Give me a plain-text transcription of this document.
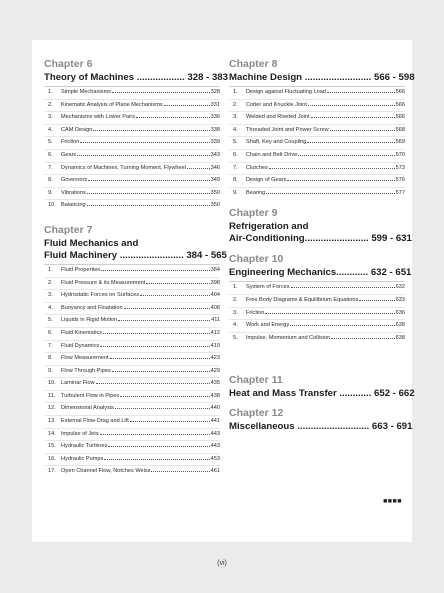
Chapter 6
Theory of Machines .................. 328 - 383
1.	Simple Mechanisms	328
2.	Kinematic Analysis of Plane Mechanisms	331
3.	Mechanisms with Lower Pairs	336
4.	CAM Design	338
5.	Friction	339
6.	Gears	343
7.	Dynamics of Machines, Turning Moment, Flywheel	346
8.	Governors	349
9.	Vibrations	350
10. Balancing	350
Chapter 7
Fluid Mechanics and
Fluid Machinery ........................ 384 - 565
1.	Fluid Properties	384
2.	Fluid Pressure & its Measurement	398
3.	Hydrostatic Forces on Surfaces	404
4.	Buoyancy and Floatation	408
5.	Liquids in Rigid Motion	411
6.	Fluid Kinematics	412
7.	Fluid Dynamics	419
8.	Flow Measurement	423
9.	Flow Through Pipes	429
10. Laminar Flow	435
11.	Turbulent Flow in Pipes	438
12. Dimensional Analysis	440
13. External Flow-Drag and Lift	441
14. Impulse of Jets	443
15. Hydraulic Turbines	443
16. Hydraulic Pumps	453
17. Open Channel Flow, Notches Weiss	461
Chapter 8
Machine Design ......................... 566 - 598
1.	Design against Fluctuating Load	566
2.	Cotter and Knuckle Joint	566
3.	Welded and Riveted Joint	566
4.	Threaded Joint and Power Screw	568
5.	Shaft, Key and Coupling	569
6.	Chain and Belt Drive	570
7.	Clutches	573
8.	Design of Gears	576
9.	Bearing	577
Chapter 9
Refrigeration and
Air-Conditioning........................ 599 - 631
Chapter 10
Engineering Mechanics............ 632 - 651
1.	System of Forces	632
2.	Free Body Diagrams & Equilibrium Equations	633
3.	Friction	636
4.	Work and Energy	638
5.	Impulse, Momentum and Collision	638
Chapter 11
Heat and Mass Transfer ............ 652 - 662
Chapter 12
Miscellaneous ........................... 663 - 691
■■■■
(vi)
